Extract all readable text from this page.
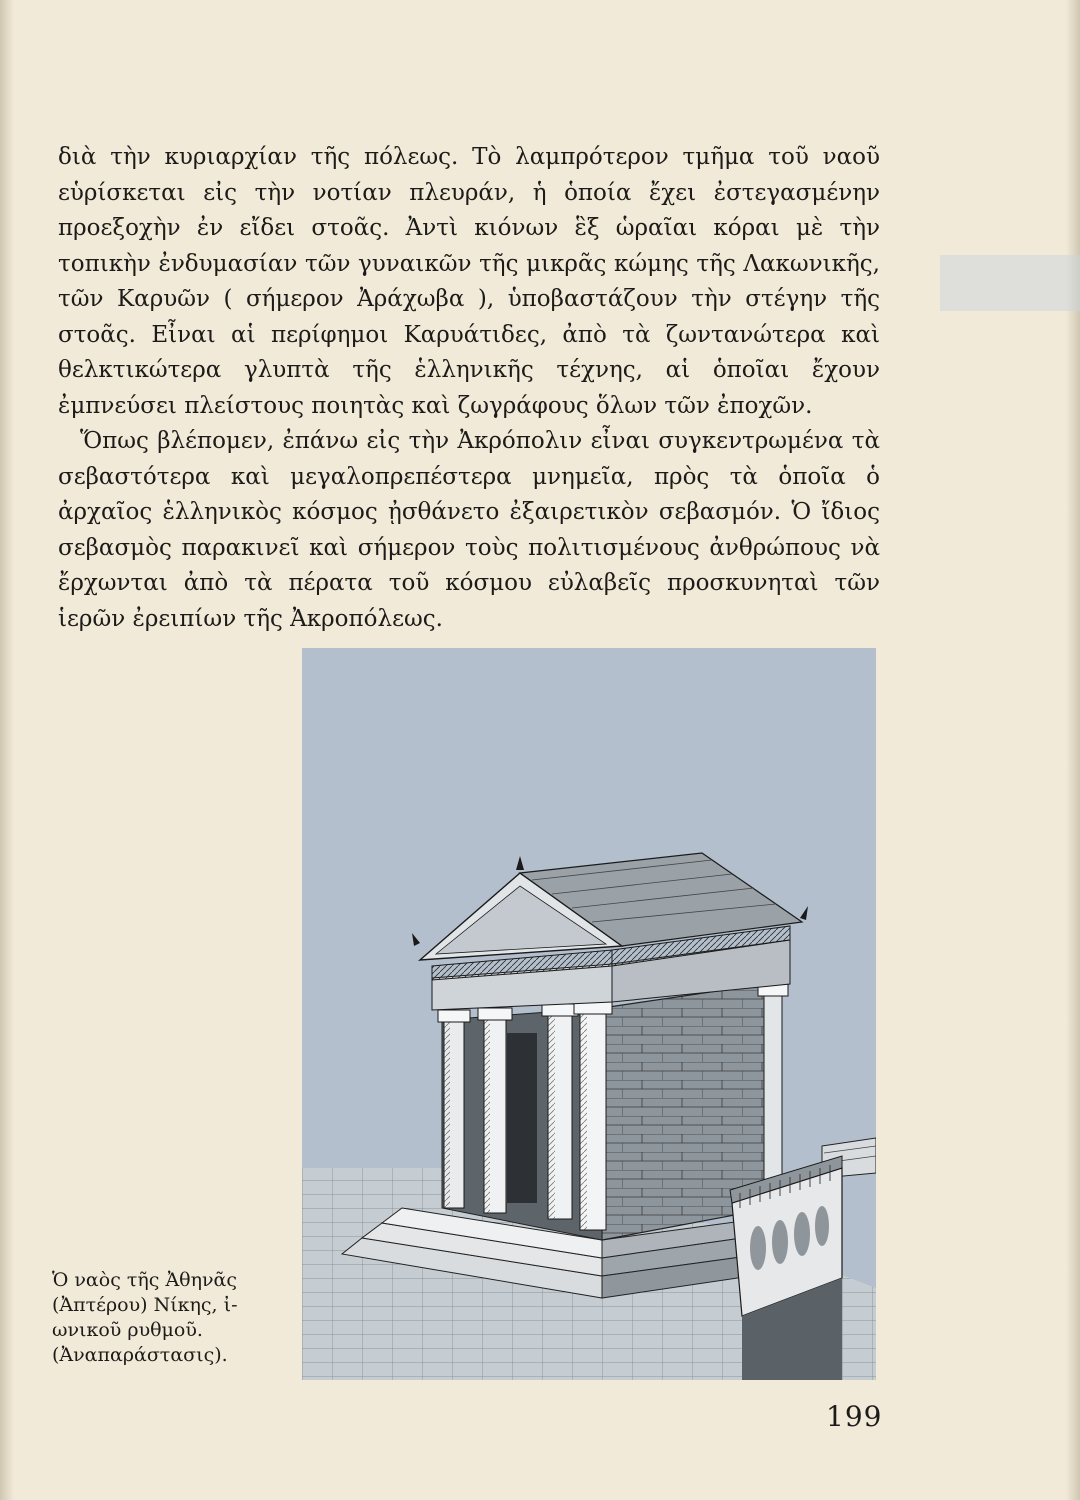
διὰ τὴν κυριαρχίαν τῆς πόλεως. Τὸ λαμπρότερον τμῆμα τοῦ ναοῦ εὑρίσκεται εἰς τὴν νοτίαν πλευράν, ἡ ὁποία ἔχει ἐστεγασμένην προεξοχὴν ἐν εἴδει στοᾶς. Ἀντὶ κιόνων ἓξ ὡραῖαι κόραι μὲ τὴν τοπικὴν ἐνδυμασίαν τῶν γυναικῶν τῆς μικρᾶς κώμης τῆς Λακωνικῆς, τῶν Καρυῶν ( σήμερον Ἀράχωβα ), ὑποβαστάζουν τὴν στέγην τῆς στοᾶς. Εἶναι αἱ περίφημοι Καρυάτιδες, ἀπὸ τὰ ζωντανώτερα καὶ θελκτικώτερα γλυπτὰ τῆς ἑλληνικῆς τέχνης, αἱ ὁποῖαι ἔχουν ἐμπνεύσει πλείστους ποιητὰς καὶ ζωγράφους ὅλων τῶν ἐποχῶν.

Ὅπως βλέπομεν, ἐπάνω εἰς τὴν Ἀκρόπολιν εἶναι συγκεντρωμένα τὰ σεβαστότερα καὶ μεγαλοπρεπέστερα μνημεῖα, πρὸς τὰ ὁποῖα ὁ ἀρχαῖος ἑλληνικὸς κόσμος ᾐσθάνετο ἐξαιρετικὸν σεβασμόν. Ὁ ἴδιος σεβασμὸς παρακινεῖ καὶ σήμερον τοὺς πολιτισμένους ἀνθρώπους νὰ ἔρχωνται ἀπὸ τὰ πέρατα τοῦ κόσμου εὐλαβεῖς προσκυνηταὶ τῶν ἱερῶν ἐρειπίων τῆς Ἀκροπόλεως.

Ὁ ναὸς τῆς Ἀθηνᾶς
(Ἀπτέρου) Νίκης, ἰ-
ωνικοῦ ρυθμοῦ.
(Ἀναπαράστασις).
199
